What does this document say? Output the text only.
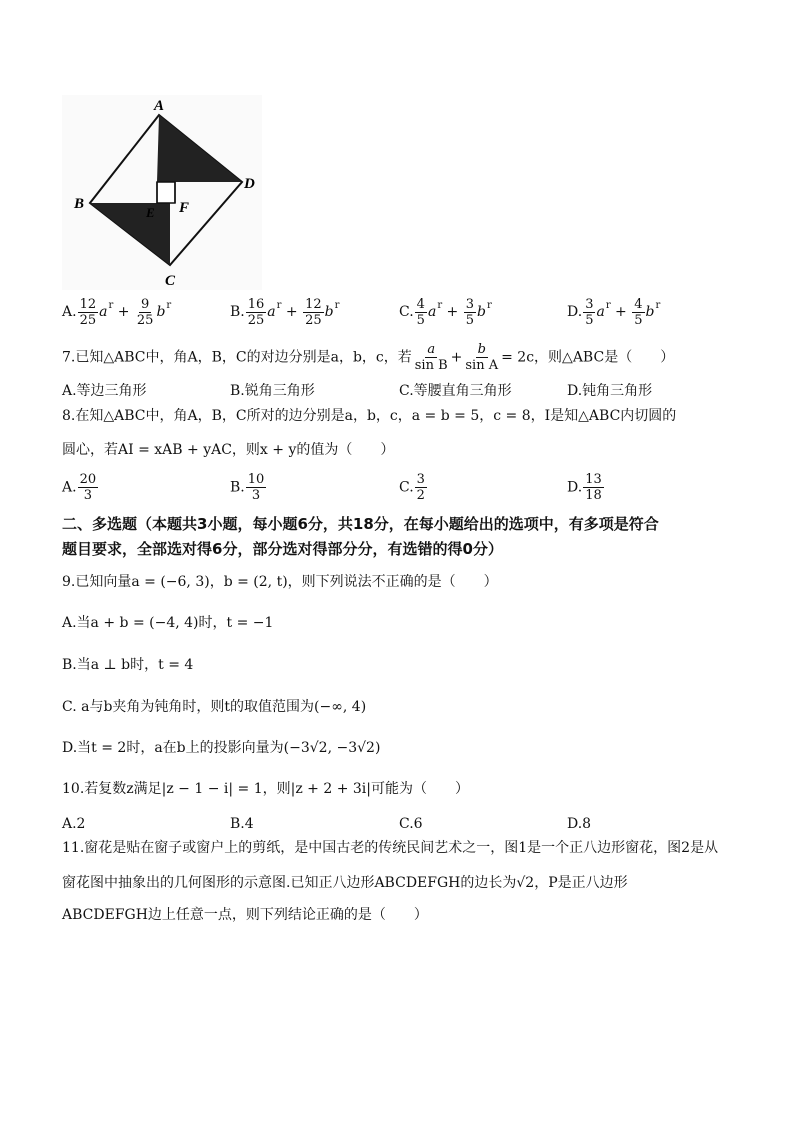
A
B
C
D
E F
A. $\frac{12}{25} a^r + \frac{9}{25} b^r$	B. $\frac{16}{25} a^r + \frac{12}{25} b^r$	C. $\frac{4}{5} a^r + \frac{3}{5} b^r$	D. $\frac{3}{5} a^r + \frac{4}{5} b^r$
7.已知△ABC中，角A，B，C的对边分别是a，b，c，若 $\frac{a}{\text{sin B}} + \frac{b}{\text{sin A}} = 2c$，则△ABC是（　　）
A.等边三角形	B.锐角三角形	C.等腰直角三角形	D.钝角三角形
8.在知△ABC中，角A，B，C所对的边分别是a，b，c，a = b = 5，c = 8，I是知△ABC内切圆的
圆心，若AI = xAB + yAC，则x + y的值为（　　）
A. $\frac{20}{3}$	B. $\frac{10}{3}$	C. $\frac{3}{2}$	D. $\frac{13}{18}$
二、多选题（本题共3小题，每小题6分，共18分，在每小题给出的选项中，有多项是符合
题目要求，全部选对得6分，部分选对得部分分，有选错的得0分）
9.已知向量a = (−6, 3)，b = (2, t)，则下列说法不正确的是（　　）
A.当a + b = (−4, 4)时，t = −1
B.当a ⊥ b时，t = 4
C. a与b夹角为钝角时，则t的取值范围为(−∞, 4)
D.当t = 2时，a在b上的投影向量为(−3√2, −3√2)
10.若复数z满足|z − 1 − i| = 1，则|z + 2 + 3i|可能为（　　）
A.2	B.4	C.6	D.8
11.窗花是贴在窗子或窗户上的剪纸，是中国古老的传统民间艺术之一，图1是一个正八边形窗花，图2是从
窗花图中抽象出的几何图形的示意图.已知正八边形ABCDEFGH的边长为√2，P是正八边形
ABCDEFGH边上任意一点，则下列结论正确的是（　　）
